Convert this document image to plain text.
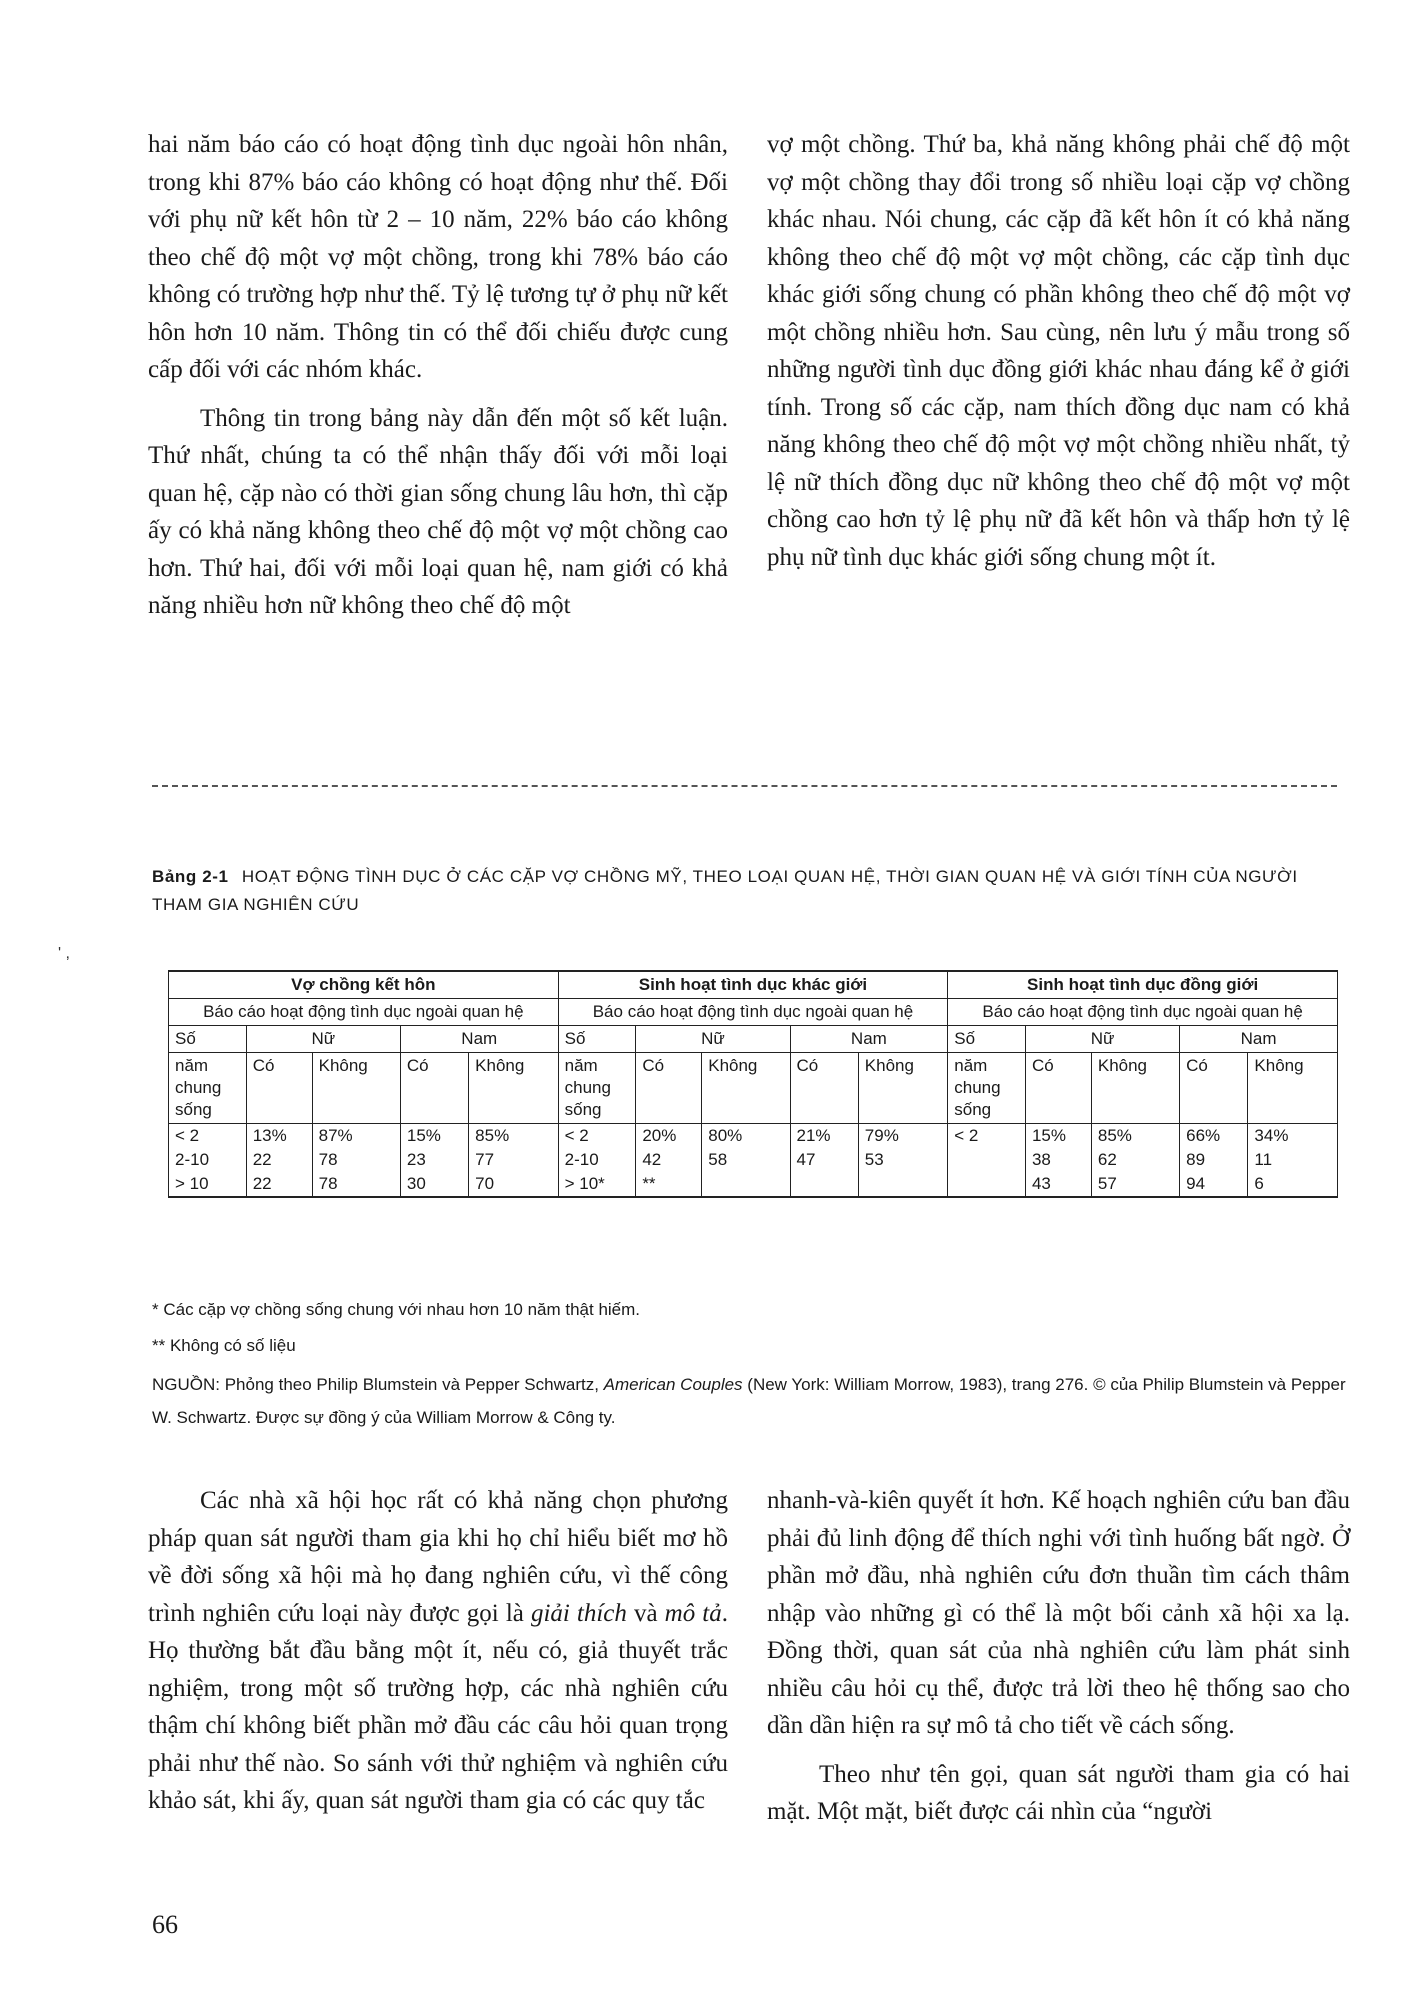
hai năm báo cáo có hoạt động tình dục ngoài hôn nhân, trong khi 87% báo cáo không có hoạt động như thế. Đối với phụ nữ kết hôn từ 2 – 10 năm, 22% báo cáo không theo chế độ một vợ một chồng, trong khi 78% báo cáo không có trường hợp như thế. Tỷ lệ tương tự ở phụ nữ kết hôn hơn 10 năm. Thông tin có thể đối chiếu được cung cấp đối với các nhóm khác.

Thông tin trong bảng này dẫn đến một số kết luận. Thứ nhất, chúng ta có thể nhận thấy đối với mỗi loại quan hệ, cặp nào có thời gian sống chung lâu hơn, thì cặp ấy có khả năng không theo chế độ một vợ một chồng cao hơn. Thứ hai, đối với mỗi loại quan hệ, nam giới có khả năng nhiều hơn nữ không theo chế độ một

vợ một chồng. Thứ ba, khả năng không phải chế độ một vợ một chồng thay đổi trong số nhiều loại cặp vợ chồng khác nhau. Nói chung, các cặp đã kết hôn ít có khả năng không theo chế độ một vợ một chồng, các cặp tình dục khác giới sống chung có phần không theo chế độ một vợ một chồng nhiều hơn. Sau cùng, nên lưu ý mẫu trong số những người tình dục đồng giới khác nhau đáng kể ở giới tính. Trong số các cặp, nam thích đồng dục nam có khả năng không theo chế độ một vợ một chồng nhiều nhất, tỷ lệ nữ thích đồng dục nữ không theo chế độ một vợ một chồng cao hơn tỷ lệ phụ nữ đã kết hôn và thấp hơn tỷ lệ phụ nữ tình dục khác giới sống chung một ít.

' ,
Bảng 2-1 HOẠT ĐỘNG TÌNH DỤC Ở CÁC CẶP VỢ CHỒNG MỸ, THEO LOẠI QUAN HỆ, THỜI GIAN QUAN HỆ VÀ GIỚI TÍNH CỦA NGƯỜI THAM GIA NGHIÊN CỨU
Vợ chồng kết hôn					Sinh hoạt tình dục khác giới					Sinh hoạt tình dục đồng giới				
Báo cáo hoạt động tình dục ngoài quan hệ					Báo cáo hoạt động tình dục ngoài quan hệ					Báo cáo hoạt động tình dục ngoài quan hệ				
Số	Nữ		Nam		Số	Nữ		Nam		Số	Nữ		Nam	
năm chung sống	Có	Không	Có	Không	năm chung sống	Có	Không	Có	Không	năm chung sống	Có	Không	Có	Không
< 2	13%	87%	15%	85%	< 2	20%	80%	21%	79%	< 2	15%	85%	66%	34%
2-10	22	78	23	77	2-10	42	58	47	53		38	62	89	11
> 10	22	78	30	70	> 10*	**					43	57	94	6
* Các cặp vợ chồng sống chung với nhau hơn 10 năm thật hiếm.
** Không có số liệu
NGUỒN: Phỏng theo Philip Blumstein và Pepper Schwartz, American Couples (New York: William Morrow, 1983), trang 276. © của Philip Blumstein và Pepper W. Schwartz. Được sự đồng ý của William Morrow & Công ty.

Các nhà xã hội học rất có khả năng chọn phương pháp quan sát người tham gia khi họ chỉ hiểu biết mơ hồ về đời sống xã hội mà họ đang nghiên cứu, vì thế công trình nghiên cứu loại này được gọi là giải thích và mô tả. Họ thường bắt đầu bằng một ít, nếu có, giả thuyết trắc nghiệm, trong một số trường hợp, các nhà nghiên cứu thậm chí không biết phần mở đầu các câu hỏi quan trọng phải như thế nào. So sánh với thử nghiệm và nghiên cứu khảo sát, khi ấy, quan sát người tham gia có các quy tắc

nhanh-và-kiên quyết ít hơn. Kế hoạch nghiên cứu ban đầu phải đủ linh động để thích nghi với tình huống bất ngờ. Ở phần mở đầu, nhà nghiên cứu đơn thuần tìm cách thâm nhập vào những gì có thể là một bối cảnh xã hội xa lạ. Đồng thời, quan sát của nhà nghiên cứu làm phát sinh nhiều câu hỏi cụ thể, được trả lời theo hệ thống sao cho dần dần hiện ra sự mô tả cho tiết về cách sống.

Theo như tên gọi, quan sát người tham gia có hai mặt. Một mặt, biết được cái nhìn của “người

66
